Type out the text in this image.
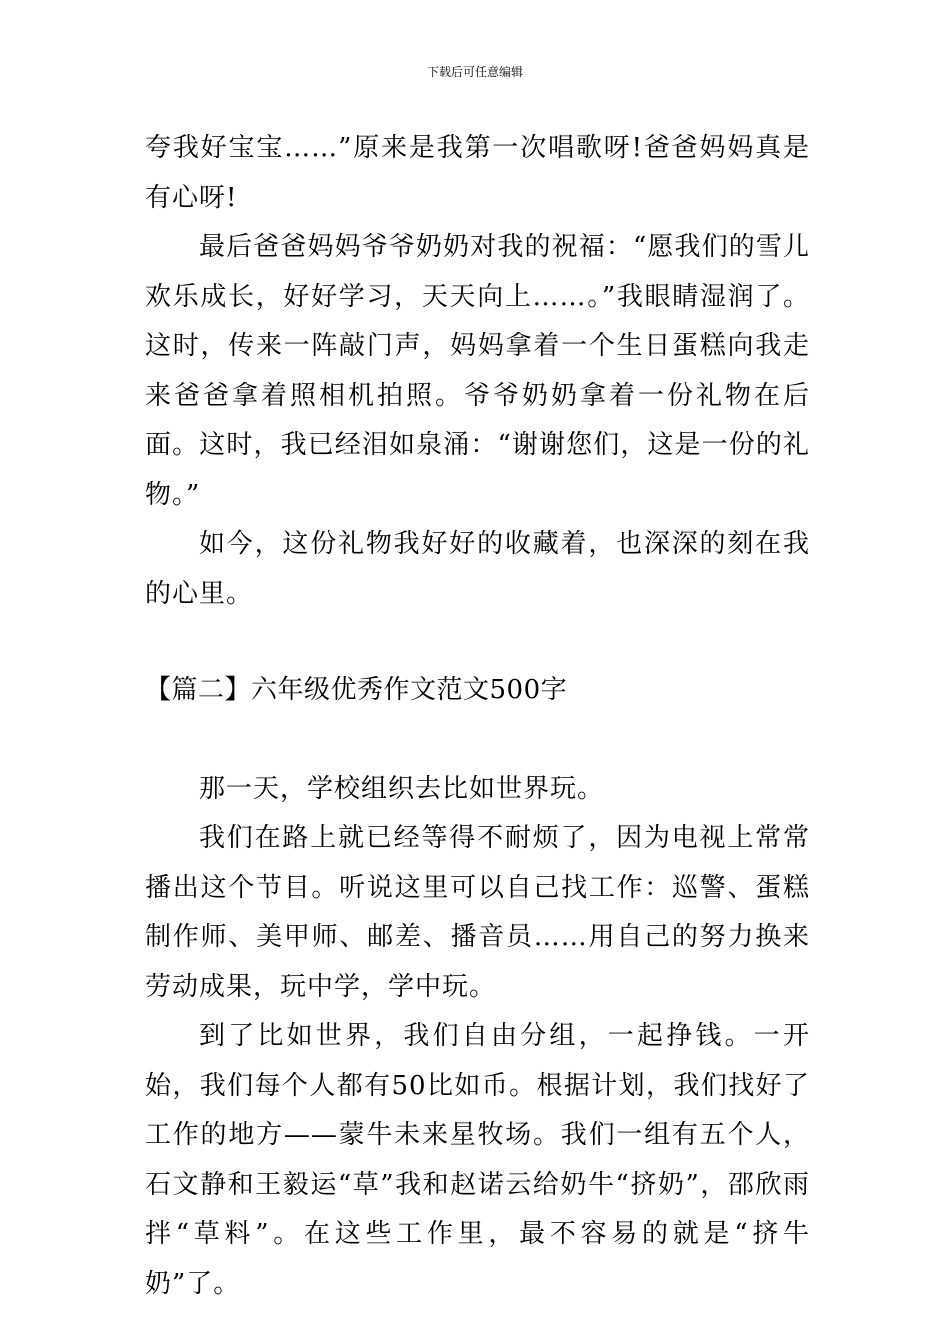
下载后可任意编辑

夸我好宝宝……”原来是我第一次唱歌呀!爸爸妈妈真是有心呀!

最后爸爸妈妈爷爷奶奶对我的祝福：“愿我们的雪儿欢乐成长，好好学习，天天向上……。”我眼睛湿润了。这时，传来一阵敲门声，妈妈拿着一个生日蛋糕向我走来爸爸拿着照相机拍照。爷爷奶奶拿着一份礼物在后面。这时，我已经泪如泉涌：“谢谢您们，这是一份的礼物。”

如今，这份礼物我好好的收藏着，也深深的刻在我的心里。

【篇二】六年级优秀作文范文500字

那一天，学校组织去比如世界玩。

我们在路上就已经等得不耐烦了，因为电视上常常播出这个节目。听说这里可以自己找工作：巡警、蛋糕制作师、美甲师、邮差、播音员……用自己的努力换来劳动成果，玩中学，学中玩。

到了比如世界，我们自由分组，一起挣钱。一开始，我们每个人都有50比如币。根据计划，我们找好了工作的地方——蒙牛未来星牧场。我们一组有五个人，石文静和王毅运“草”我和赵诺云给奶牛“挤奶”，邵欣雨拌“草料”。在这些工作里，最不容易的就是“挤牛奶”了。
